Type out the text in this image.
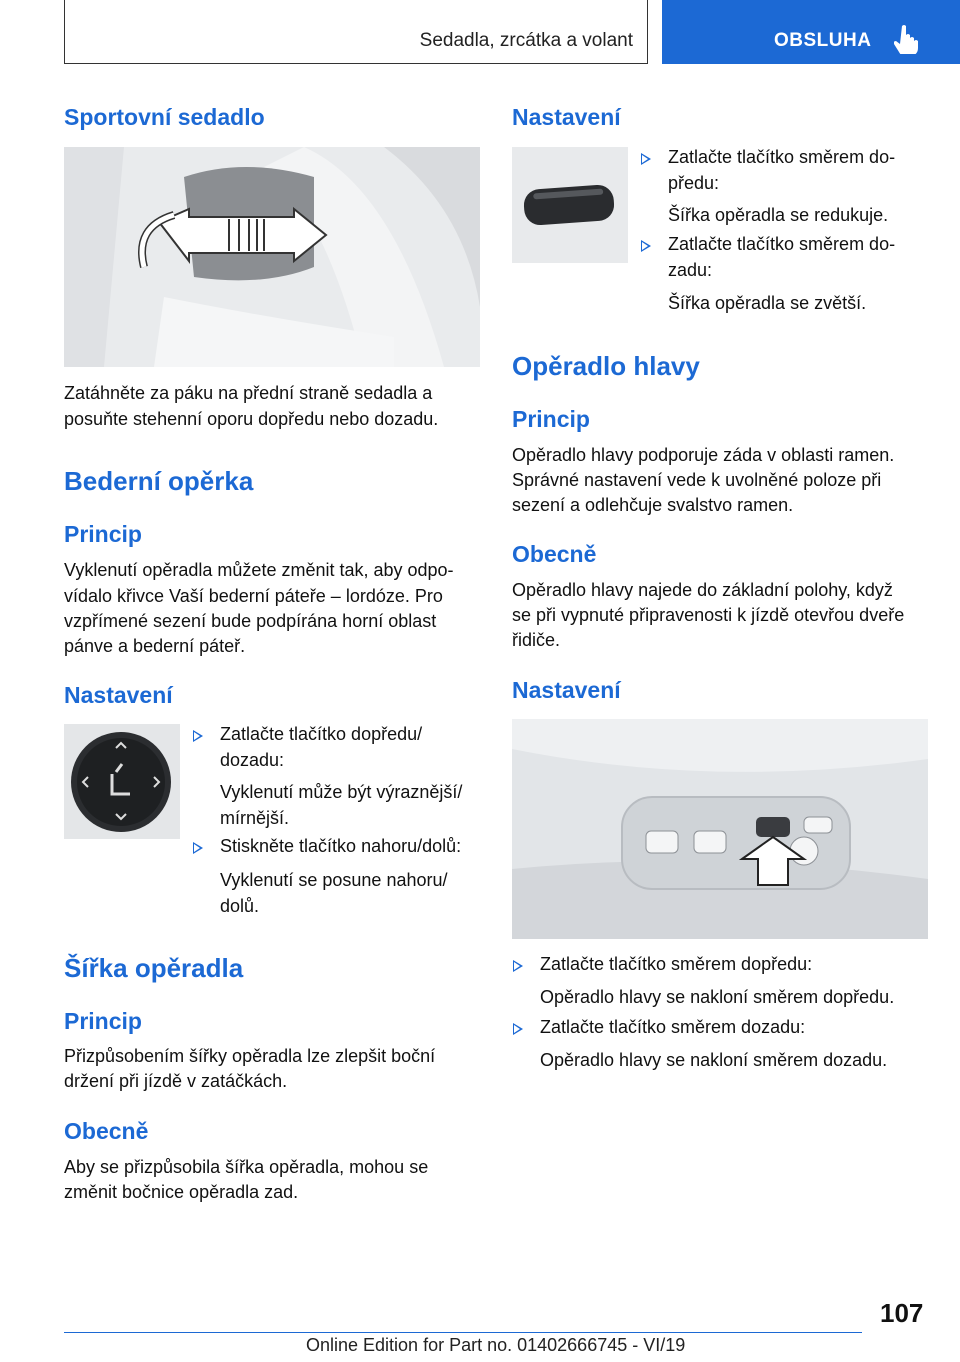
Sedadla, zrcátka a volant	OBSLUHA
Sportovní sedadlo

Zatáhněte za páku na přední straně sedadla a

posuňte stehenní oporu dopředu nebo dozadu.

Bederní opěrka
Princip

Vyklenutí opěradla můžete změnit tak, aby odpo-

vídalo křivce Vaší bederní páteře – lordóze. Pro

vzpřímené sezení bude podpírána horní oblast

pánve a bederní páteř.

Nastavení
Zatlačte tlačítko dopředu/
dozadu:
Vyklenutí může být výraznější/
mírnější.
Stiskněte tlačítko nahoru/dolů:
Vyklenutí se posune nahoru/
dolů.
Šířka opěradla
Princip

Přizpůsobením šířky opěradla lze zlepšit boční

držení při jízdě v zatáčkách.

Obecně

Aby se přizpůsobila šířka opěradla, mohou se

změnit bočnice opěradla zad.

Nastavení
Zatlačte tlačítko směrem do-
předu:
Šířka opěradla se redukuje.
Zatlačte tlačítko směrem do-
zadu:
Šířka opěradla se zvětší.
Opěradlo hlavy
Princip

Opěradlo hlavy podporuje záda v oblasti ramen.

Správné nastavení vede k uvolněné poloze při

sezení a odlehčuje svalstvo ramen.

Obecně

Opěradlo hlavy najede do základní polohy, když

se při vypnuté připravenosti k jízdě otevřou dveře

řidiče.

Nastavení
Zatlačte tlačítko směrem dopředu:
Opěradlo hlavy se nakloní směrem dopředu.
Zatlačte tlačítko směrem dozadu:
Opěradlo hlavy se nakloní směrem dozadu.
107
Online Edition for Part no. 01402666745 - VI/19
